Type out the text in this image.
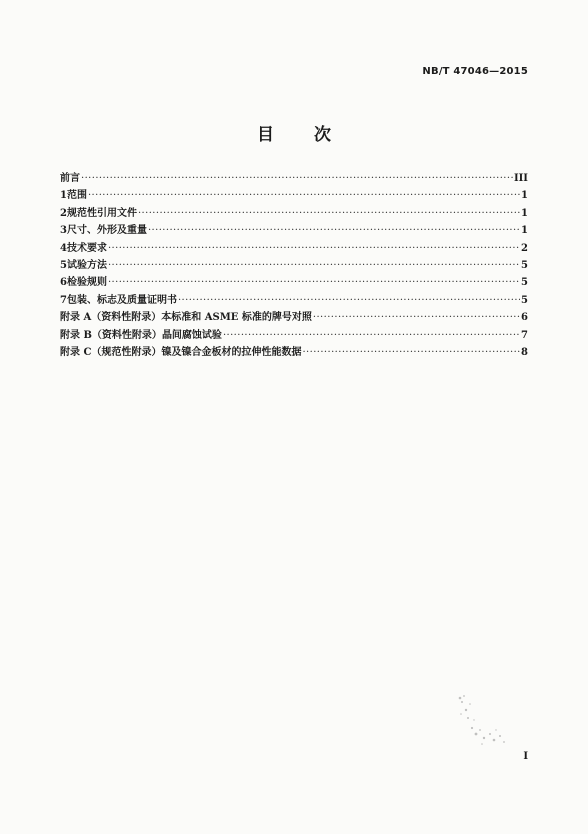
NB/T 47046—2015
目 次
前言 ·····	III
1 范围 ·····	1
2 规范性引用文件 ·····	1
3 尺寸、外形及重量 ·····	1
4 技术要求 ·····	2
5 试验方法 ·····	5
6 检验规则 ·····	5
7 包装、标志及质量证明书 ·····	5
附录 A（资料性附录） 本标准和 ASME 标准的牌号对照 ·····	6
附录 B（资料性附录） 晶间腐蚀试验 ·····	7
附录 C（规范性附录） 镍及镍合金板材的拉伸性能数据 ·····	8
I
